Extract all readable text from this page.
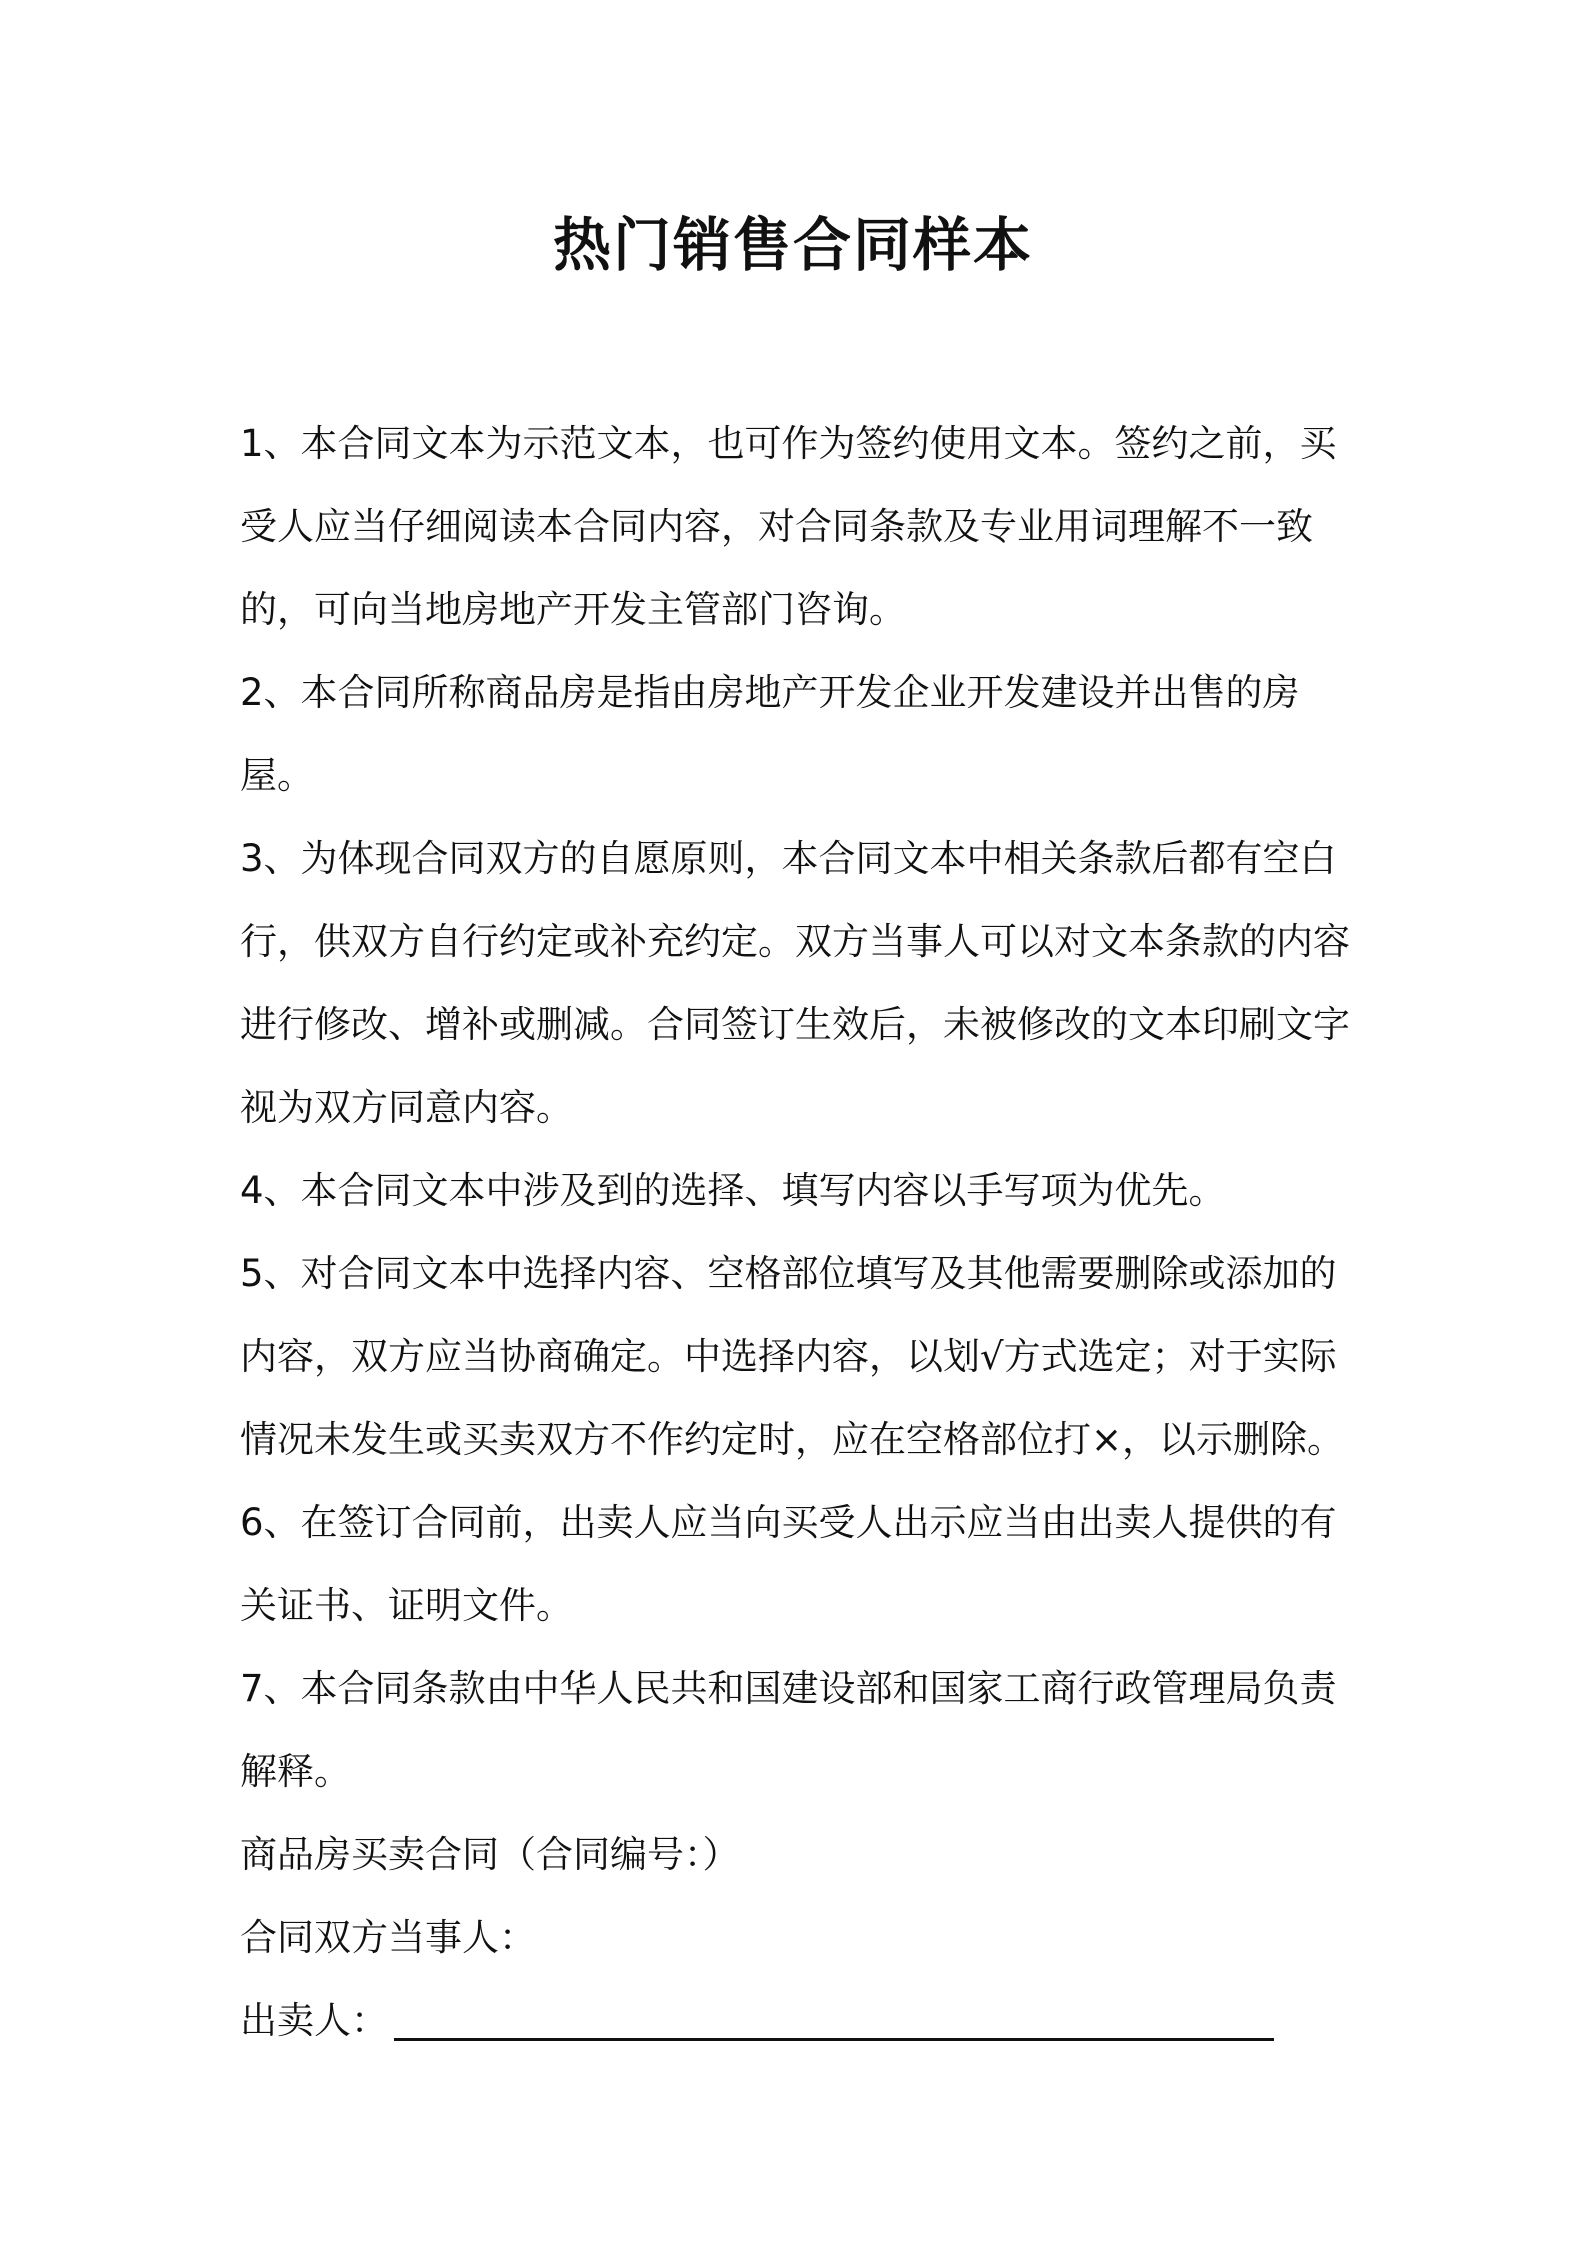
热门销售合同样本

1、本合同文本为示范文本，也可作为签约使用文本。签约之前，买受人应当仔细阅读本合同内容，对合同条款及专业用词理解不一致的，可向当地房地产开发主管部门咨询。

2、本合同所称商品房是指由房地产开发企业开发建设并出售的房屋。

3、为体现合同双方的自愿原则，本合同文本中相关条款后都有空白行，供双方自行约定或补充约定。双方当事人可以对文本条款的内容进行修改、增补或删减。合同签订生效后，未被修改的文本印刷文字视为双方同意内容。

4、本合同文本中涉及到的选择、填写内容以手写项为优先。

5、对合同文本中选择内容、空格部位填写及其他需要删除或添加的内容，双方应当协商确定。中选择内容，以划√方式选定；对于实际情况未发生或买卖双方不作约定时，应在空格部位打×，以示删除。

6、在签订合同前，出卖人应当向买受人出示应当由出卖人提供的有关证书、证明文件。

7、本合同条款由中华人民共和国建设部和国家工商行政管理局负责解释。

商品房买卖合同（合同编号：）

合同双方当事人：

出卖人：
